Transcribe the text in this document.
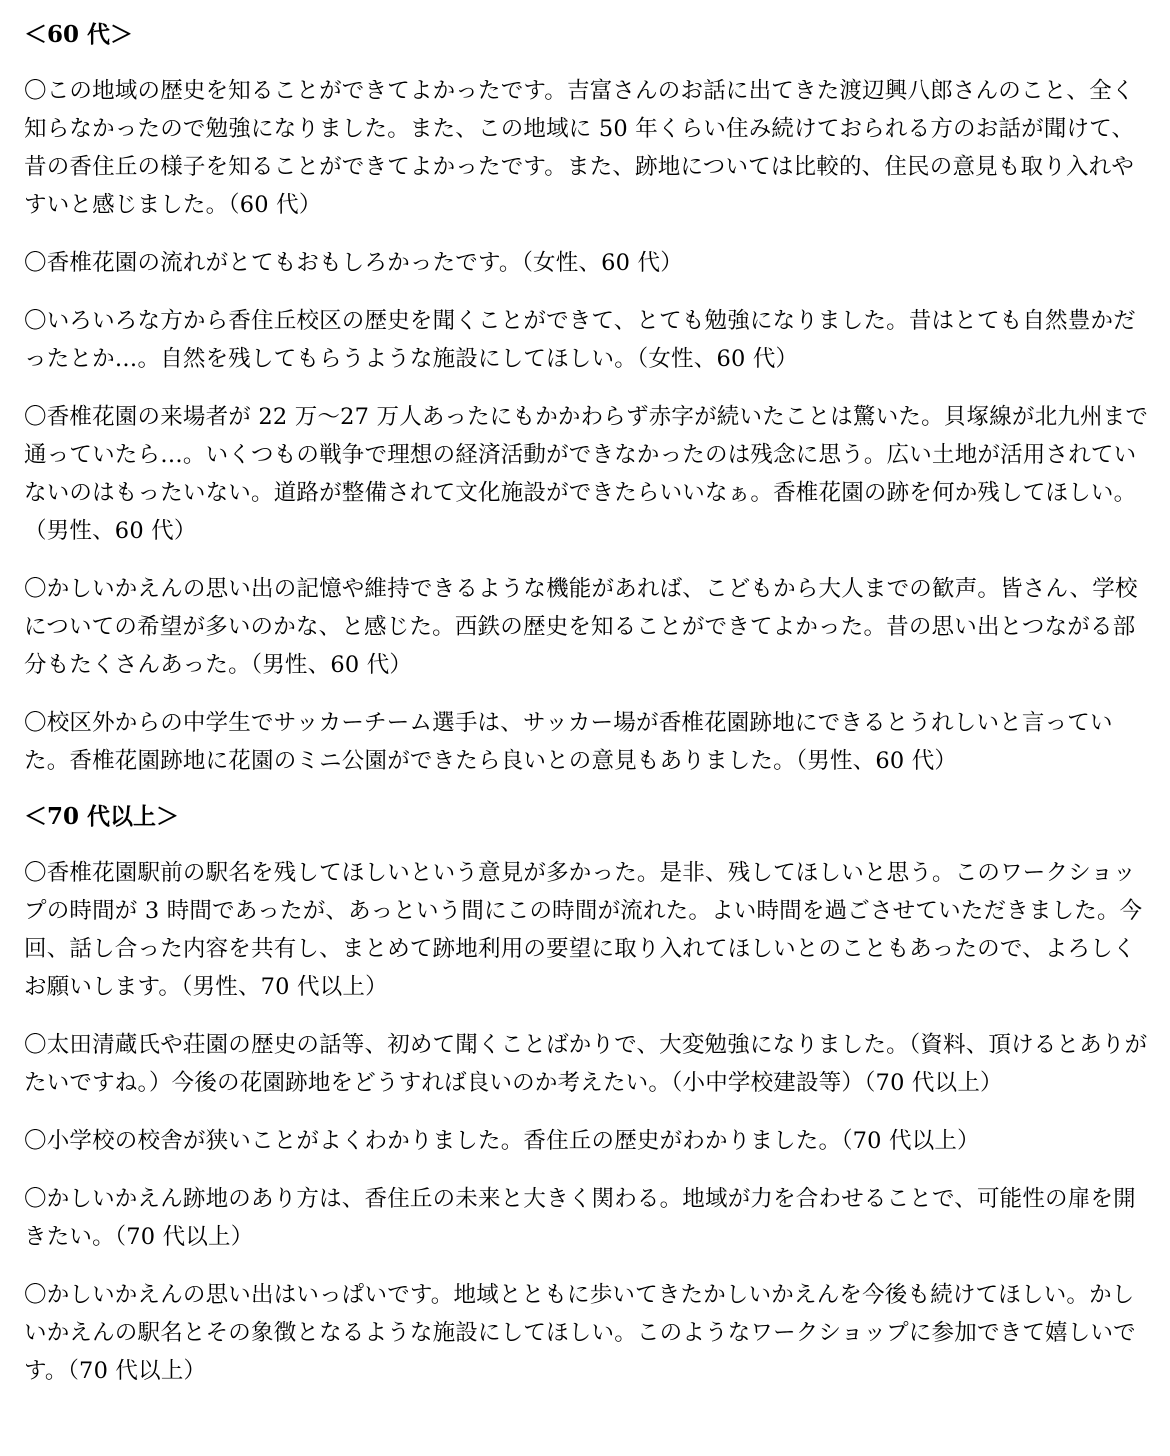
＜60 代＞

〇この地域の歴史を知ることができてよかったです。吉富さんのお話に出てきた渡辺興八郎さんのこと、全く知らなかったので勉強になりました。また、この地域に 50 年くらい住み続けておられる方のお話が聞けて、昔の香住丘の様子を知ることができてよかったです。また、跡地については比較的、住民の意見も取り入れやすいと感じました。（60 代）

〇香椎花園の流れがとてもおもしろかったです。（女性、60 代）

〇いろいろな方から香住丘校区の歴史を聞くことができて、とても勉強になりました。昔はとても自然豊かだったとか…。自然を残してもらうような施設にしてほしい。（女性、60 代）

〇香椎花園の来場者が 22 万～27 万人あったにもかかわらず赤字が続いたことは驚いた。貝塚線が北九州まで通っていたら…。いくつもの戦争で理想の経済活動ができなかったのは残念に思う。広い土地が活用されていないのはもったいない。道路が整備されて文化施設ができたらいいなぁ。香椎花園の跡を何か残してほしい。（男性、60 代）

〇かしいかえんの思い出の記憶や維持できるような機能があれば、こどもから大人までの歓声。皆さん、学校についての希望が多いのかな、と感じた。西鉄の歴史を知ることができてよかった。昔の思い出とつながる部分もたくさんあった。（男性、60 代）

〇校区外からの中学生でサッカーチーム選手は、サッカー場が香椎花園跡地にできるとうれしいと言っていた。香椎花園跡地に花園のミニ公園ができたら良いとの意見もありました。（男性、60 代）

＜70 代以上＞

〇香椎花園駅前の駅名を残してほしいという意見が多かった。是非、残してほしいと思う。このワークショップの時間が 3 時間であったが、あっという間にこの時間が流れた。よい時間を過ごさせていただきました。今回、話し合った内容を共有し、まとめて跡地利用の要望に取り入れてほしいとのこともあったので、よろしくお願いします。（男性、70 代以上）

〇太田清蔵氏や荘園の歴史の話等、初めて聞くことばかりで、大変勉強になりました。（資料、頂けるとありがたいですね。）今後の花園跡地をどうすれば良いのか考えたい。（小中学校建設等）（70 代以上）

〇小学校の校舎が狭いことがよくわかりました。香住丘の歴史がわかりました。（70 代以上）

〇かしいかえん跡地のあり方は、香住丘の未来と大きく関わる。地域が力を合わせることで、可能性の扉を開きたい。（70 代以上）

〇かしいかえんの思い出はいっぱいです。地域とともに歩いてきたかしいかえんを今後も続けてほしい。かしいかえんの駅名とその象徴となるような施設にしてほしい。このようなワークショップに参加できて嬉しいです。（70 代以上）
